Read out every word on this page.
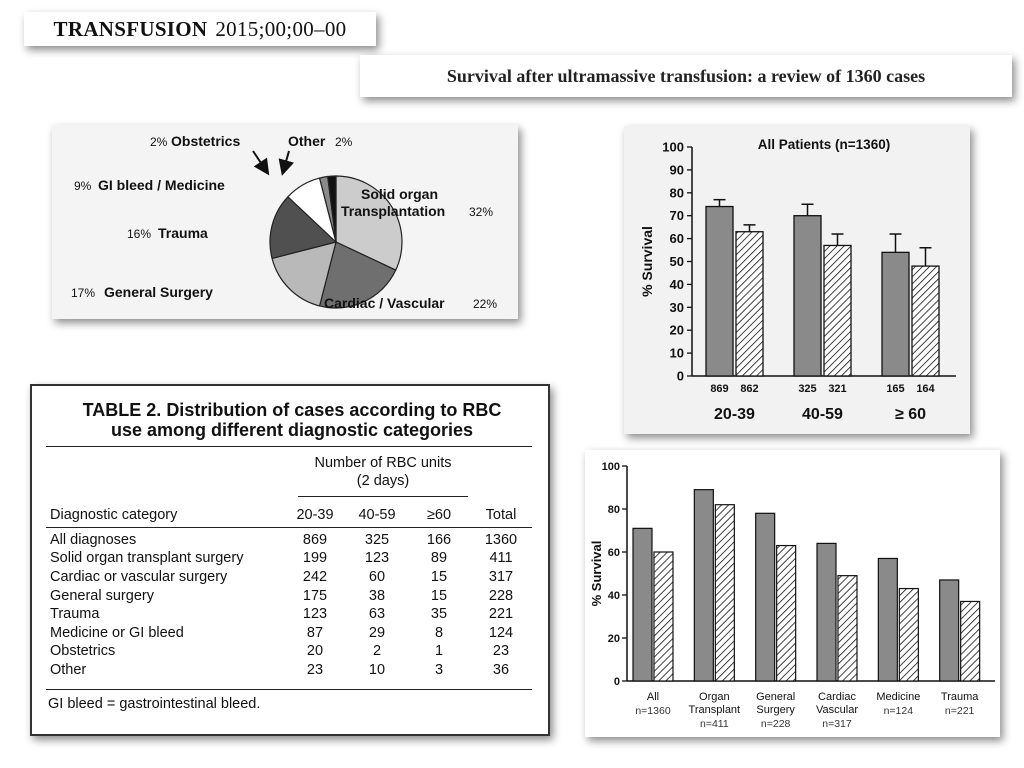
TRANSFUSION 2015;00;00–00
Survival after ultramassive transfusion: a review of 1360 cases
Solid organ
Transplantation 32%
Cardiac / Vascular 22%
17% General Surgery
16% Trauma
9% GI bleed / Medicine
2% Obstetrics	Other 2%	All Patients (n=1360)
% Survival
0
10
20
30
40
50
60
70
80
90
100
869 862
20-39
325 321
40-59
165 164
≥ 60
TABLE 2. Distribution of cases according to RBC
use among different diagnostic categories
Number of RBC units
(2 days)
Diagnostic category	20-39	40-59	≥60	Total

All diagnoses	869	325	166	1360
Solid organ transplant surgery	199	123	89	411
Cardiac or vascular surgery	242	60	15	317
General surgery	175	38	15	228
Trauma	123	63	35	221
Medicine or GI bleed	87	29	8	124
Obstetrics	20	2	1	23
Other	23	10	3	36
GI bleed = gastrointestinal bleed.
% Survival
0
20
40
60
80
100
All
n=1360
Organ
Transplant
n=411
General
Surgery
n=228
Cardiac
Vascular
n=317
Medicine
n=124
Trauma
n=221
